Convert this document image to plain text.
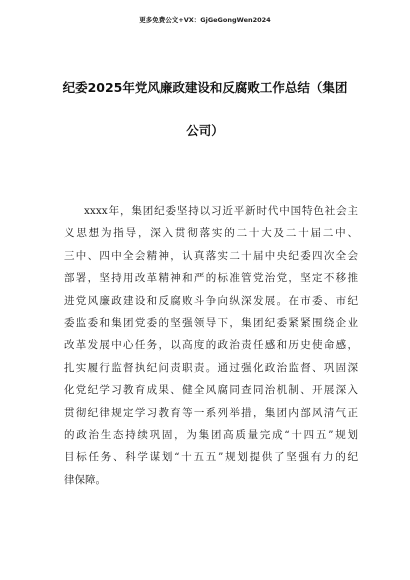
更多免费公文+VX：GjGeGongWen2024
纪委2025年党风廉政建设和反腐败工作总结（集团
公司）
xxxx年，集团纪委坚持以习近平新时代中国特色社会主
义思想为指导，深入贯彻落实的二十大及二十届二中、
三中、四中全会精神，认真落实二十届中央纪委四次全会
部署，坚持用改革精神和严的标准管党治党，坚定不移推
进党风廉政建设和反腐败斗争向纵深发展。在市委、市纪
委监委和集团党委的坚强领导下，集团纪委紧紧围绕企业
改革发展中心任务，以高度的政治责任感和历史使命感，
扎实履行监督执纪问责职责。通过强化政治监督、巩固深
化党纪学习教育成果、健全风腐同查同治机制、开展深入
贯彻纪律规定学习教育等一系列举措，集团内部风清气正
的政治生态持续巩固，为集团高质量完成“十四五”规划
目标任务、科学谋划“十五五”规划提供了坚强有力的纪
律保障。
